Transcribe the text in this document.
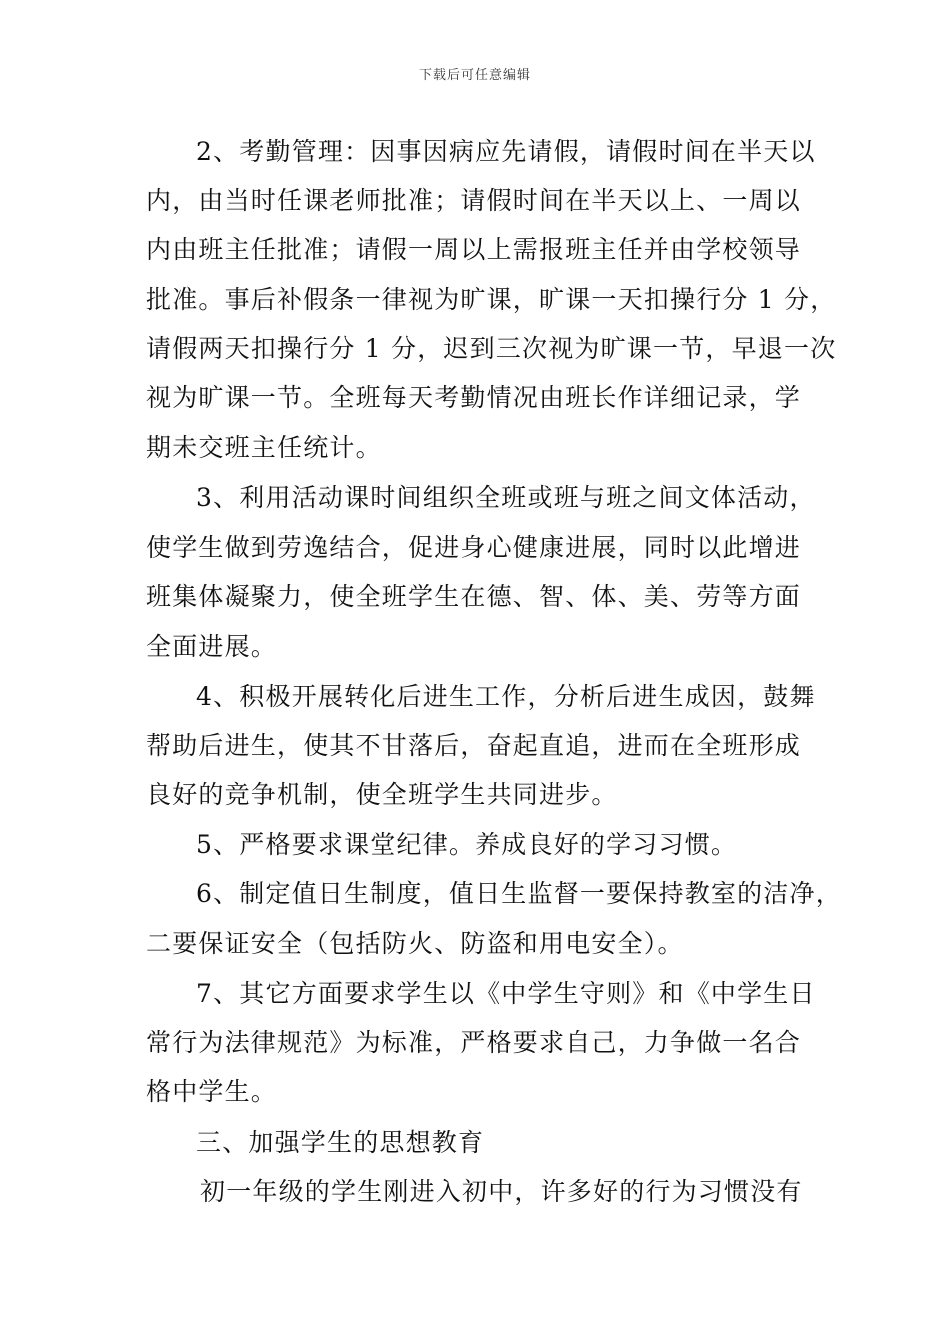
下载后可任意编辑
2、考勤管理：因事因病应先请假，请假时间在半天以
内，由当时任课老师批准；请假时间在半天以上、一周以
内由班主任批准；请假一周以上需报班主任并由学校领导
批准。事后补假条一律视为旷课，旷课一天扣操行分 1 分，
请假两天扣操行分 1 分，迟到三次视为旷课一节，早退一次
视为旷课一节。全班每天考勤情况由班长作详细记录，学
期未交班主任统计。
3、利用活动课时间组织全班或班与班之间文体活动，
使学生做到劳逸结合，促进身心健康进展，同时以此增进
班集体凝聚力，使全班学生在德、智、体、美、劳等方面
全面进展。
4、积极开展转化后进生工作，分析后进生成因，鼓舞
帮助后进生，使其不甘落后，奋起直追，进而在全班形成
良好的竞争机制，使全班学生共同进步。
5、严格要求课堂纪律。养成良好的学习习惯。
6、制定值日生制度，值日生监督一要保持教室的洁净，
二要保证安全（包括防火、防盗和用电安全）。
7、其它方面要求学生以《中学生守则》和《中学生日
常行为法律规范》为标准，严格要求自己，力争做一名合
格中学生。
三、加强学生的思想教育
初一年级的学生刚进入初中，许多好的行为习惯没有
